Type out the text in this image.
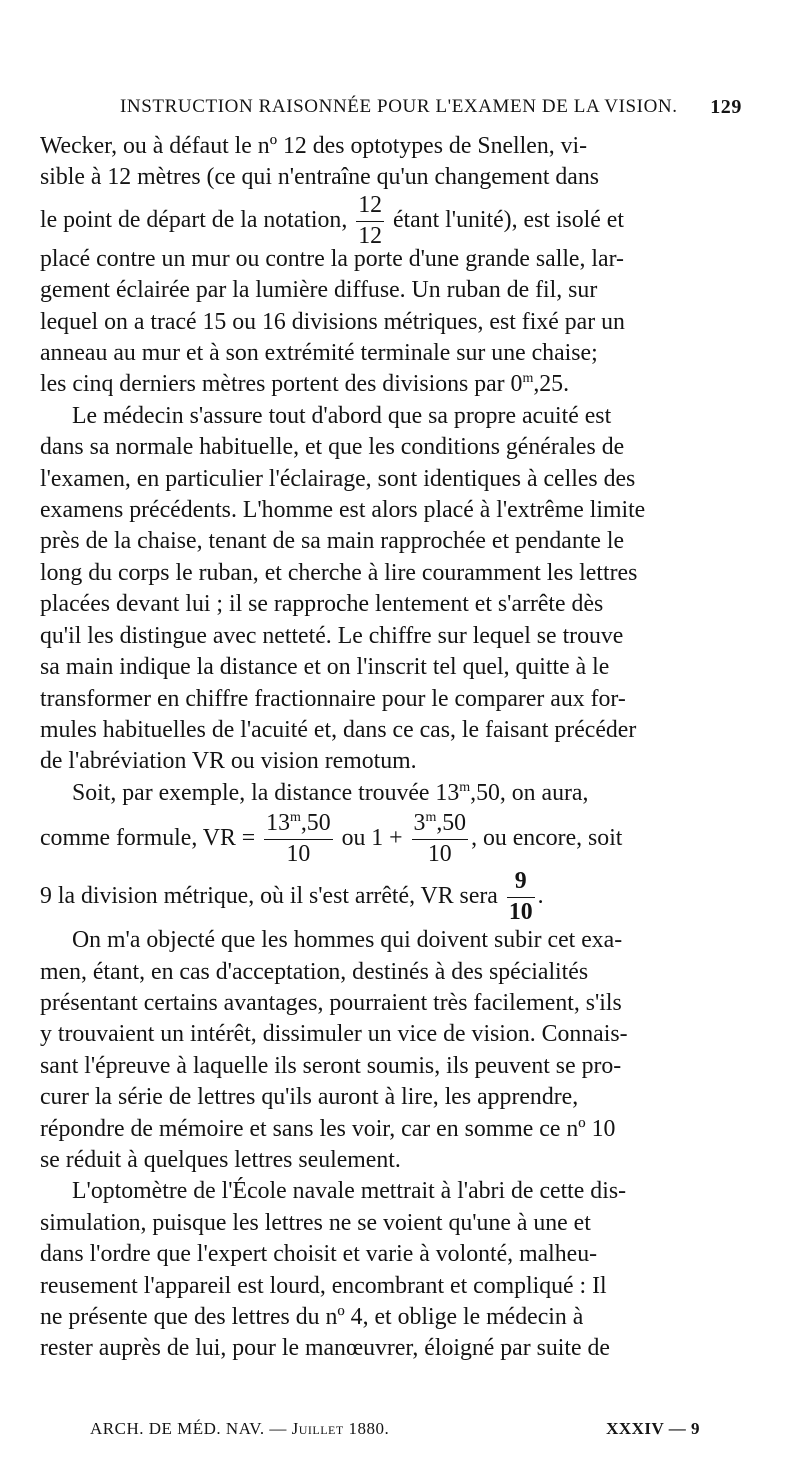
INSTRUCTION RAISONNÉE POUR L'EXAMEN DE LA VISION. 129

Wecker, ou à défaut le nº 12 des optotypes de Snellen, vi-
sible à 12 mètres (ce qui n'entraîne qu'un changement dans
le point de départ de la notation, $\frac{12}{12}$ étant l'unité), est isolé et
placé contre un mur ou contre la porte d'une grande salle, lar-
gement éclairée par la lumière diffuse. Un ruban de fil, sur
lequel on a tracé 15 ou 16 divisions métriques, est fixé par un
anneau au mur et à son extrémité terminale sur une chaise;
les cinq derniers mètres portent des divisions par 0$^m$,25.

Le médecin s'assure tout d'abord que sa propre acuité est
dans sa normale habituelle, et que les conditions générales de
l'examen, en particulier l'éclairage, sont identiques à celles des
examens précédents. L'homme est alors placé à l'extrême limite
près de la chaise, tenant de sa main rapprochée et pendante le
long du corps le ruban, et cherche à lire couramment les lettres
placées devant lui ; il se rapproche lentement et s'arrête dès
qu'il les distingue avec netteté. Le chiffre sur lequel se trouve
sa main indique la distance et on l'inscrit tel quel, quitte à le
transformer en chiffre fractionnaire pour le comparer aux for-
mules habituelles de l'acuité et, dans ce cas, le faisant précéder
de l'abréviation VR ou vision remotum.

Soit, par exemple, la distance trouvée 13$^m$,50, on aura,
comme formule, VR = $\frac{13^m,50}{10}$ ou $1 + \frac{3^m,50}{10}$ , ou encore, soit
9 la division métrique, où il s'est arrêté, VR sera $\frac{9}{10}$ .

On m'a objecté que les hommes qui doivent subir cet exa-
men, étant, en cas d'acceptation, destinés à des spécialités
présentant certains avantages, pourraient très facilement, s'ils
y trouvaient un intérêt, dissimuler un vice de vision. Connais-
sant l'épreuve à laquelle ils seront soumis, ils peuvent se pro-
curer la série de lettres qu'ils auront à lire, les apprendre,
répondre de mémoire et sans les voir, car en somme ce nº 10
se réduit à quelques lettres seulement.

L'optomètre de l'École navale mettrait à l'abri de cette dis-
simulation, puisque les lettres ne se voient qu'une à une et
dans l'ordre que l'expert choisit et varie à volonté, malheu-
reusement l'appareil est lourd, encombrant et compliqué : Il
ne présente que des lettres du nº 4, et oblige le médecin à
rester auprès de lui, pour le manœuvrer, éloigné par suite de

ARCH. DE MÉD. NAV. — Juillet 1880.	XXXIV — 9
